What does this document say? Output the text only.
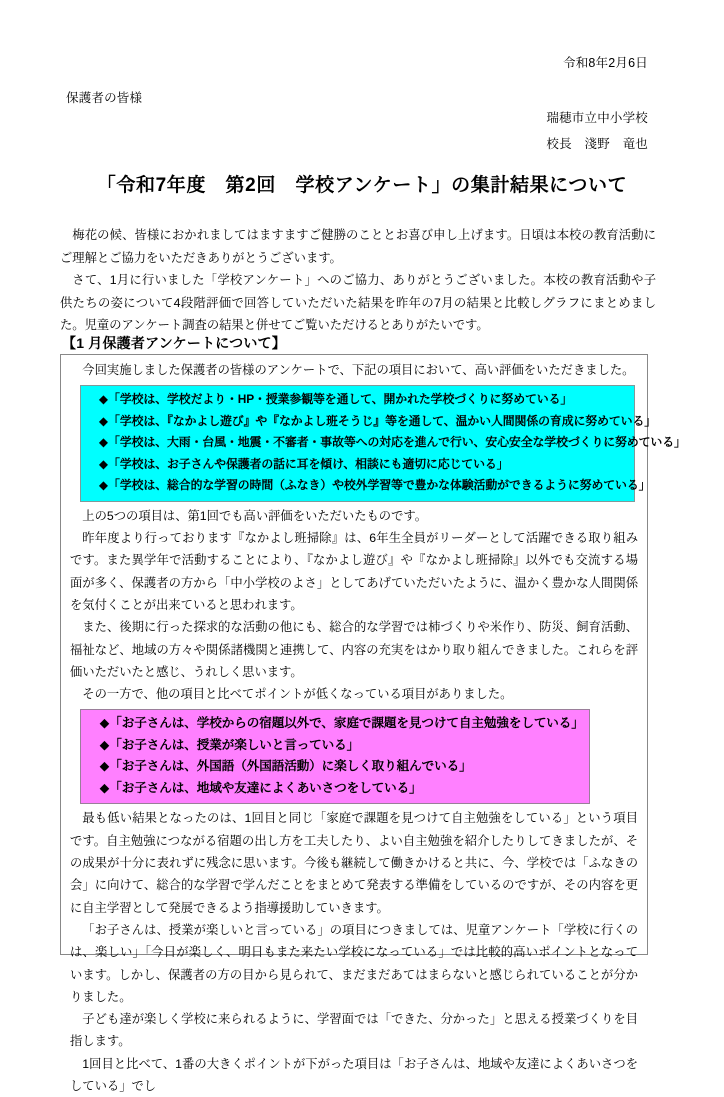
令和8年2月6日
保護者の皆様
瑞穂市立中小学校
校長　淺野　竜也
「令和7年度　第2回　学校アンケート」の集計結果について

梅花の候、皆様におかれましてはますますご健勝のこととお喜び申し上げます。日頃は本校の教育活動にご理解とご協力をいただきありがとうございます。

さて、1月に行いました「学校アンケート」へのご協力、ありがとうございました。本校の教育活動や子供たちの姿について4段階評価で回答していただいた結果を昨年の7月の結果と比較しグラフにまとめました。児童のアンケート調査の結果と併せてご覧いただけるとありがたいです。

【1 月保護者アンケートについて】

今回実施しました保護者の皆様のアンケートで、下記の項目において、高い評価をいただきました。

◆「学校は、学校だより・HP・授業参観等を通して、開かれた学校づくりに努めている」

◆「学校は、『なかよし遊び』や『なかよし班そうじ』等を通して、温かい人間関係の育成に努めている」

◆「学校は、大雨・台風・地震・不審者・事故等への対応を進んで行い、安心安全な学校づくりに努めている」

◆「学校は、お子さんや保護者の話に耳を傾け、相談にも適切に応じている」

◆「学校は、総合的な学習の時間（ふなき）や校外学習等で豊かな体験活動ができるように努めている」

上の5つの項目は、第1回でも高い評価をいただいたものです。

昨年度より行っております『なかよし班掃除』は、6年生全員がリーダーとして活躍できる取り組みです。また異学年で活動することにより、『なかよし遊び』や『なかよし班掃除』以外でも交流する場面が多く、保護者の方から「中小学校のよさ」としてあげていただいたように、温かく豊かな人間関係を気付くことが出来ていると思われます。

また、後期に行った探求的な活動の他にも、総合的な学習では柿づくりや米作り、防災、飼育活動、福祉など、地域の方々や関係諸機関と連携して、内容の充実をはかり取り組んできました。これらを評価いただいたと感じ、うれしく思います。

その一方で、他の項目と比べてポイントが低くなっている項目がありました。

◆「お子さんは、学校からの宿題以外で、家庭で課題を見つけて自主勉強をしている」

◆「お子さんは、授業が楽しいと言っている」

◆「お子さんは、外国語（外国語活動）に楽しく取り組んでいる」

◆「お子さんは、地域や友達によくあいさつをしている」

最も低い結果となったのは、1回目と同じ「家庭で課題を見つけて自主勉強をしている」という項目です。自主勉強につながる宿題の出し方を工夫したり、よい自主勉強を紹介したりしてきましたが、その成果が十分に表れずに残念に思います。今後も継続して働きかけると共に、今、学校では「ふなきの会」に向けて、総合的な学習で学んだことをまとめて発表する準備をしているのですが、その内容を更に自主学習として発展できるよう指導援助していきます。

「お子さんは、授業が楽しいと言っている」の項目につきましては、児童アンケート「学校に行くのは、楽しい」「今日が楽しく、明日もまた来たい学校になっている」では比較的高いポイントとなっています。しかし、保護者の方の目から見られて、まだまだあてはまらないと感じられていることが分かりました。

子ども達が楽しく学校に来られるように、学習面では「できた、分かった」と思える授業づくりを目指します。

1回目と比べて、1番の大きくポイントが下がった項目は「お子さんは、地域や友達によくあいさつをしている」でし
